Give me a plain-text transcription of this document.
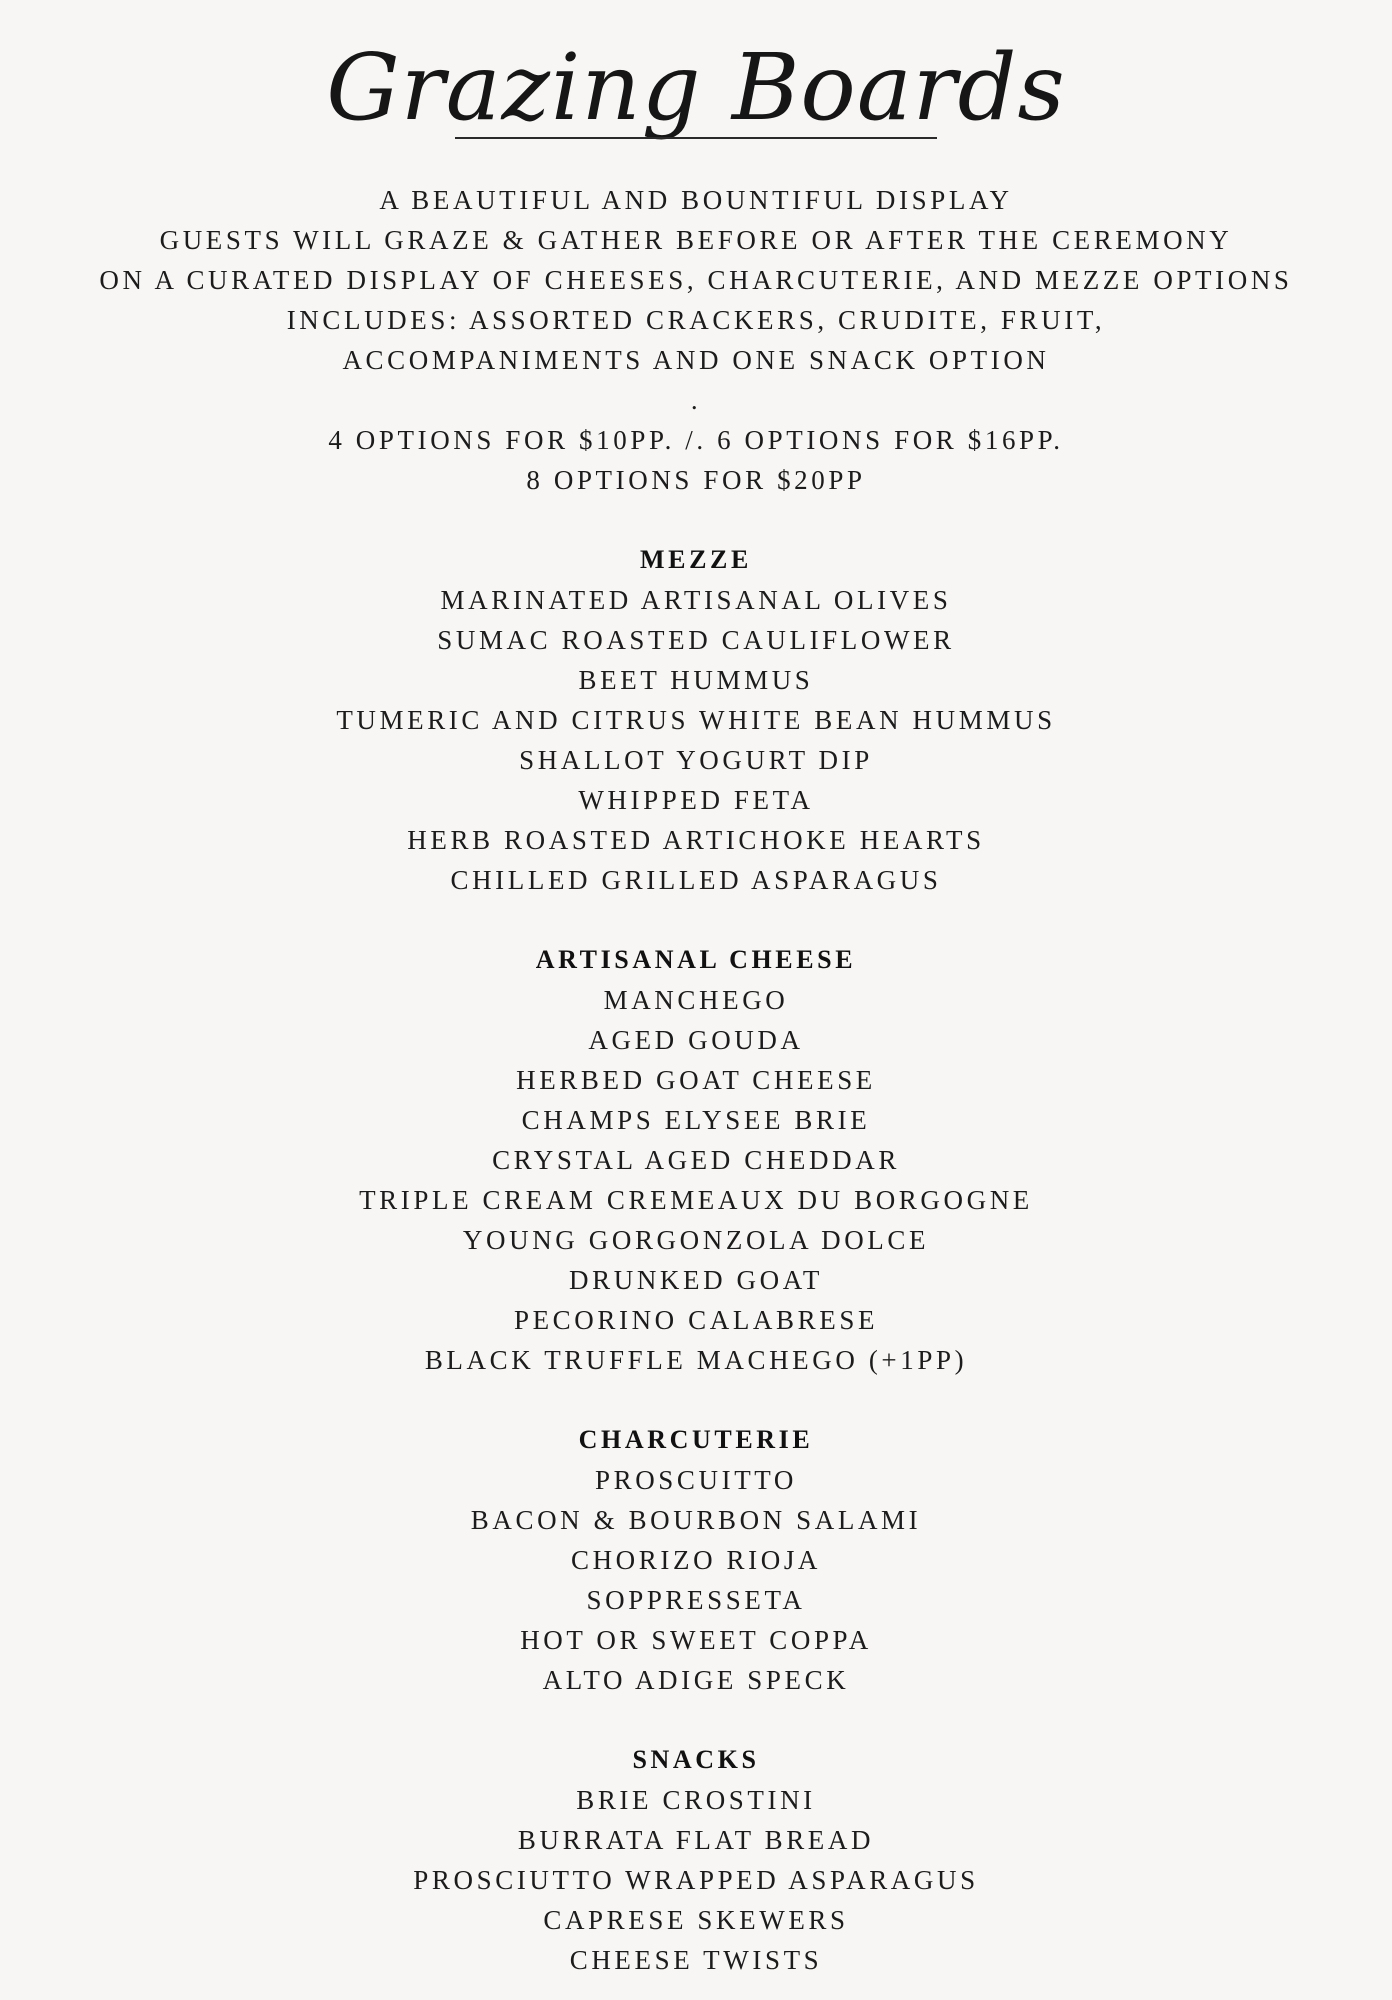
Grazing Boards
A BEAUTIFUL AND BOUNTIFUL DISPLAY
GUESTS WILL GRAZE & GATHER BEFORE OR AFTER THE CEREMONY
ON A CURATED DISPLAY OF CHEESES, CHARCUTERIE, AND MEZZE OPTIONS
INCLUDES: ASSORTED CRACKERS, CRUDITE, FRUIT,
ACCOMPANIMENTS AND ONE SNACK OPTION
.
4 OPTIONS FOR $10PP. /. 6 OPTIONS FOR $16PP.
8 OPTIONS FOR $20PP
MEZZE
MARINATED ARTISANAL OLIVES
SUMAC ROASTED CAULIFLOWER
BEET HUMMUS
TUMERIC AND CITRUS WHITE BEAN HUMMUS
SHALLOT YOGURT DIP
WHIPPED FETA
HERB ROASTED ARTICHOKE HEARTS
CHILLED GRILLED ASPARAGUS
ARTISANAL CHEESE
MANCHEGO
AGED GOUDA
HERBED GOAT CHEESE
CHAMPS ELYSEE BRIE
CRYSTAL AGED CHEDDAR
TRIPLE CREAM CREMEAUX DU BORGOGNE
YOUNG GORGONZOLA DOLCE
DRUNKED GOAT
PECORINO CALABRESE
BLACK TRUFFLE MACHEGO (+1PP)
CHARCUTERIE
PROSCUITTO
BACON & BOURBON SALAMI
CHORIZO RIOJA
SOPPRESSETA
HOT OR SWEET COPPA
ALTO ADIGE SPECK
SNACKS
BRIE CROSTINI
BURRATA FLAT BREAD
PROSCIUTTO WRAPPED ASPARAGUS
CAPRESE SKEWERS
CHEESE TWISTS
